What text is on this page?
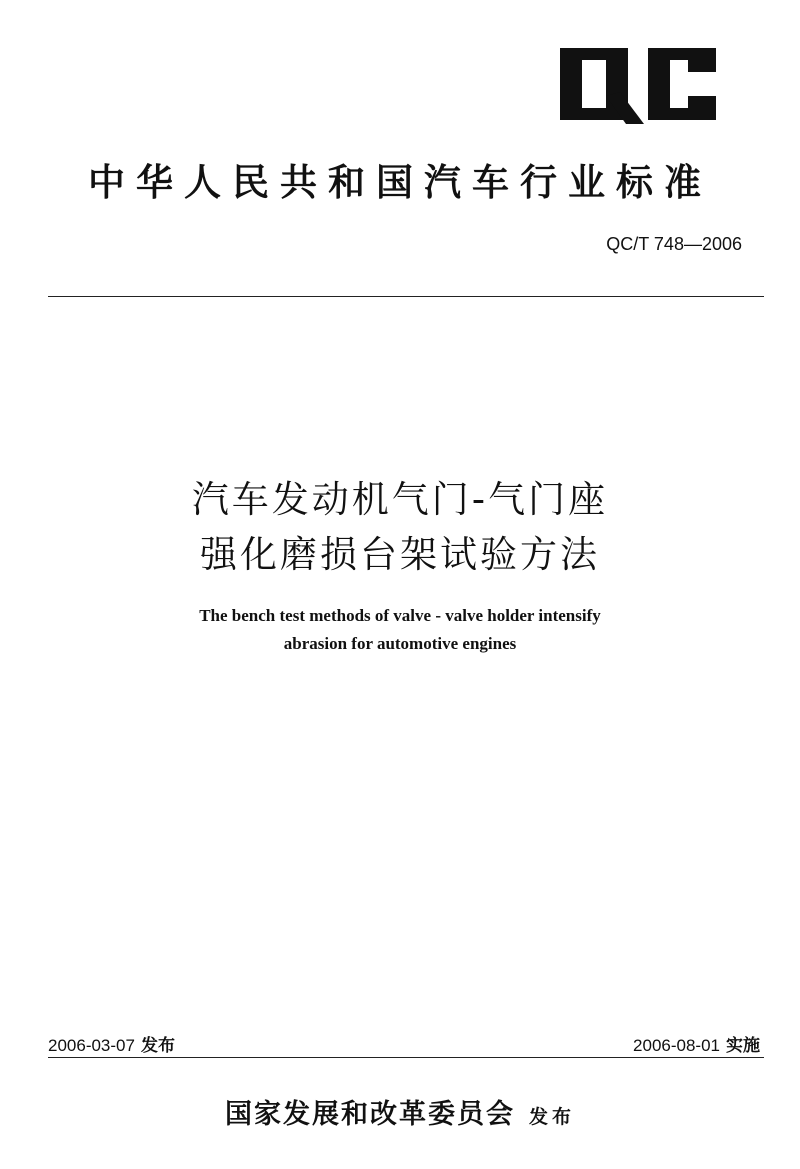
中华人民共和国汽车行业标准
QC/T 748—2006
汽车发动机气门-气门座
强化磨损台架试验方法
The bench test methods of valve - valve holder intensify
abrasion for automotive engines
2006-03-07 发布	2006-08-01 实施
国家发展和改革委员会 发布
